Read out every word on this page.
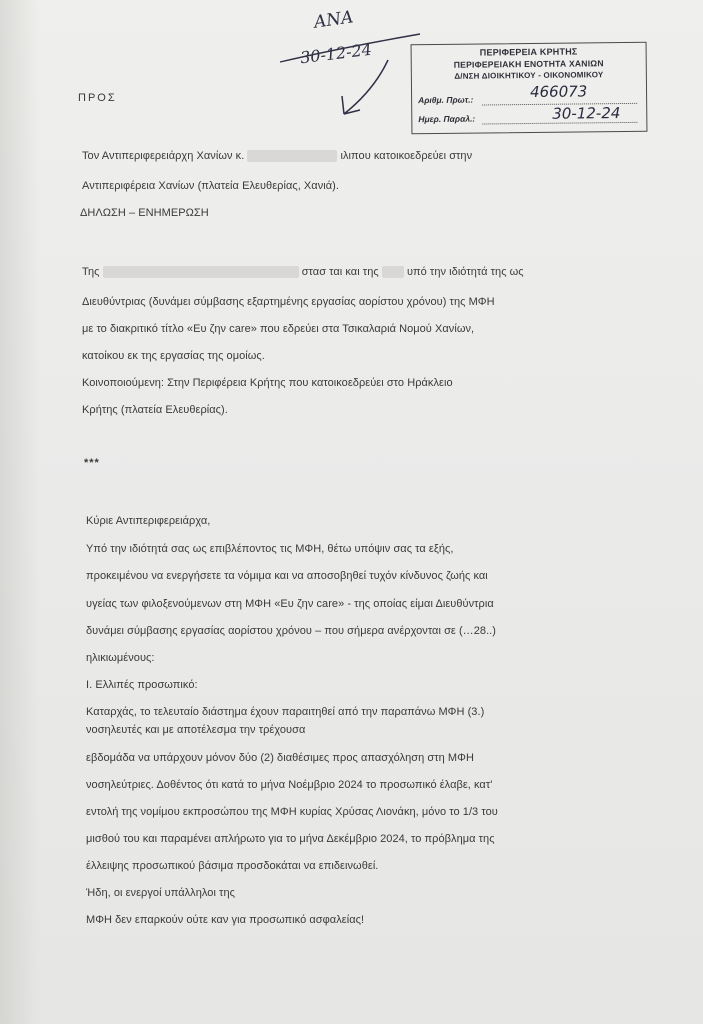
ΑΝΑ
30-12-24	ΠΕΡΙΦΕΡΕΙΑ ΚΡΗΤΗΣ
ΠΕΡΙΦΕΡΕΙΑΚΗ ΕΝΟΤΗΤΑ ΧΑΝΙΩΝ
Δ/ΝΣΗ ΔΙΟΙΚΗΤΙΚΟΥ - ΟΙΚΟΝΟΜΙΚΟΥ
Αριθμ. Πρωτ.:	466073
Ημερ. Παραλ.:	30-12-24
ΠΡΟΣ
Τον Αντιπεριφερειάρχη Χανίων κ.	ιλιπου κατοικοεδρεύει στην
Αντιπεριφέρεια Χανίων (πλατεία Ελευθερίας, Χανιά).
ΔΗΛΩΣΗ – ΕΝΗΜΕΡΩΣΗ
Της	στασ ται και της	υπό την ιδιότητά της ως
Διευθύντριας (δυνάμει σύμβασης εξαρτημένης εργασίας αορίστου χρόνου) της ΜΦΗ
με το διακριτικό τίτλο «Ευ ζην care» που εδρεύει στα Τσικαλαριά Νομού Χανίων,
κατοίκου εκ της εργασίας της ομοίως.
Κοινοποιούμενη: Στην Περιφέρεια Κρήτης που κατοικοεδρεύει στο Ηράκλειο
Κρήτης (πλατεία Ελευθερίας).
***
Κύριε Αντιπεριφερειάρχα,
Υπό την ιδιότητά σας ως επιβλέποντος τις ΜΦΗ, θέτω υπόψιν σας τα εξής,
προκειμένου να ενεργήσετε τα νόμιμα και να αποσοβηθεί τυχόν κίνδυνος ζωής και
υγείας των φιλοξενούμενων στη ΜΦΗ «Ευ ζην care» - της οποίας είμαι Διευθύντρια
δυνάμει σύμβασης εργασίας αορίστου χρόνου – που σήμερα ανέρχονται σε (…28..)
ηλικιωμένους:
Ι. Ελλιπές προσωπικό:
Καταρχάς, το τελευταίο διάστημα έχουν παραιτηθεί από την παραπάνω ΜΦΗ (3.)
νοσηλευτές και με αποτέλεσμα την τρέχουσα
εβδομάδα να υπάρχουν μόνον δύο (2) διαθέσιμες προς απασχόληση στη ΜΦΗ
νοσηλεύτριες. Δοθέντος ότι κατά το μήνα Νοέμβριο 2024 το προσωπικό έλαβε, κατ'
εντολή της νομίμου εκπροσώπου της ΜΦΗ κυρίας Χρύσας Λιονάκη, μόνο το 1/3 του
μισθού του και παραμένει απλήρωτο για το μήνα Δεκέμβριο 2024, το πρόβλημα της
έλλειψης προσωπικού βάσιμα προσδοκάται να επιδεινωθεί.
Ήδη, οι ενεργοί υπάλληλοι της
ΜΦΗ δεν επαρκούν ούτε καν για προσωπικό ασφαλείας!
